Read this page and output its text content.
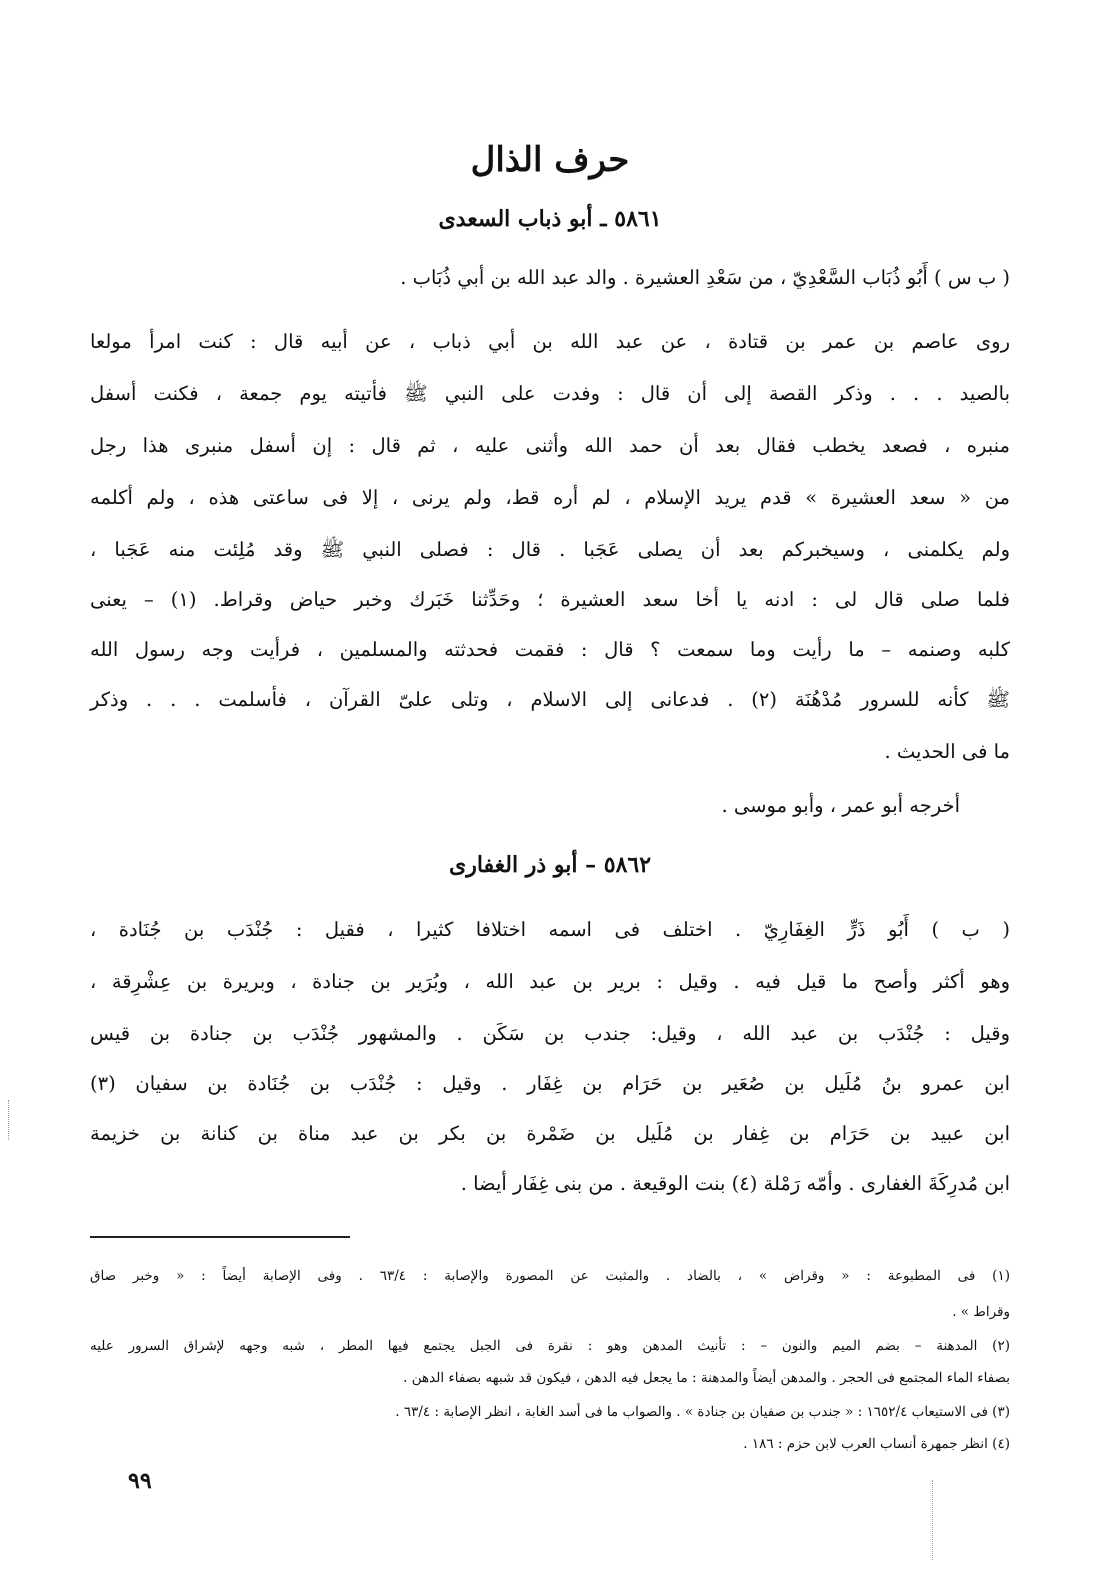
حرف الذال
٥٨٦١ ـ أبو ذباب السعدى
( ب س ) أَبُو ذُبَاب السَّعْدِيّ ، من سَعْدِ العشيرة . والد عبد الله بن أبي ذُبَاب .
روى عاصم بن عمر بن قتادة ، عن عبد الله بن أبي ذباب ، عن أبيه قال : كنت امرأ مولعا
بالصيد . . . وذكر القصة إلى أن قال : وفدت على النبي ﷺ فأتيته يوم جمعة ، فكنت أسفل
منبره ، فصعد يخطب فقال بعد أن حمد الله وأثنى عليه ، ثم قال : إن أسفل منبرى هذا رجل
من « سعد العشيرة » قدم يريد الإسلام ، لم أره قط، ولم يرنى ، إلا فى ساعتى هذه ، ولم أكلمه
ولم يكلمنى ، وسيخبركم بعد أن يصلى عَجَبا . قال : فصلى النبي ﷺ وقد مُلِئت منه عَجَبا ،
فلما صلى قال لى : ادنه يا أخا سعد العشيرة ؛ وحَدِّثنا خَبَرك وخبر حياض وقراط. (١) – يعنى
كلبه وصنمه – ما رأيت وما سمعت ؟ قال : فقمت فحدثته والمسلمين ، فرأيت وجه رسول الله
ﷺ كأنه للسرور مُدْهُنَة (٢) . فدعانى إلى الاسلام ، وتلى علىّ القرآن ، فأسلمت . . . وذكر
ما فى الحديث .
أخرجه أبو عمر ، وأبو موسى .
٥٨٦٢ – أبو ذر الغفارى
( ب ) أَبُو ذَرٍّ الغِفَارِيّ . اختلف فى اسمه اختلافا كثيرا ، فقيل : جُنْدَب بن جُنَادة ،
وهو أكثر وأصح ما قيل فيه . وقيل : برير بن عبد الله ، وبُرَير بن جنادة ، وبريرة بن عِشْرِقة ،
وقيل : جُنْدَب بن عبد الله ، وقيل: جندب بن سَكَن . والمشهور جُنْدَب بن جنادة بن قيس
ابن عمرو بنُ مُلَيل بن صُعَير بن حَرَام بن غِفَار . وقيل : جُنْدَب بن جُنَادة بن سفيان (٣)
ابن عبيد بن حَرَام بن غِفار بن مُلَيل بن ضَمْرة بن بكر بن عبد مناة بن كنانة بن خزيمة
ابن مُدرِكَةَ الغفارى . وأمّه رَمْلة (٤) بنت الوقيعة . من بنى غِفَار أيضا .
(١) فى المطبوعة : « وقراض » ، بالضاد . والمثبت عن المصورة والإصابة : ٦٣/٤ . وفى الإصابة أيضاً : « وخبر صاق
وقراط » .
(٢) المدهنة – بضم الميم والنون – : تأنيث المدهن وهو : نقرة فى الجبل يجتمع فيها المطر ، شبه وجهه لإشراق السرور عليه
بصفاء الماء المجتمع فى الحجر . والمدهن أيضاً والمدهنة : ما يجعل فيه الدهن ، فيكون قد شبهه بصفاء الدهن .
(٣) فى الاستيعاب ١٦٥٢/٤ : « جندب بن صفيان بن جنادة » . والصواب ما فى أسد الغابة ، انظر الإصابة : ٦٣/٤ .
(٤) انظر جمهرة أنساب العرب لابن حزم : ١٨٦ .
٩٩
